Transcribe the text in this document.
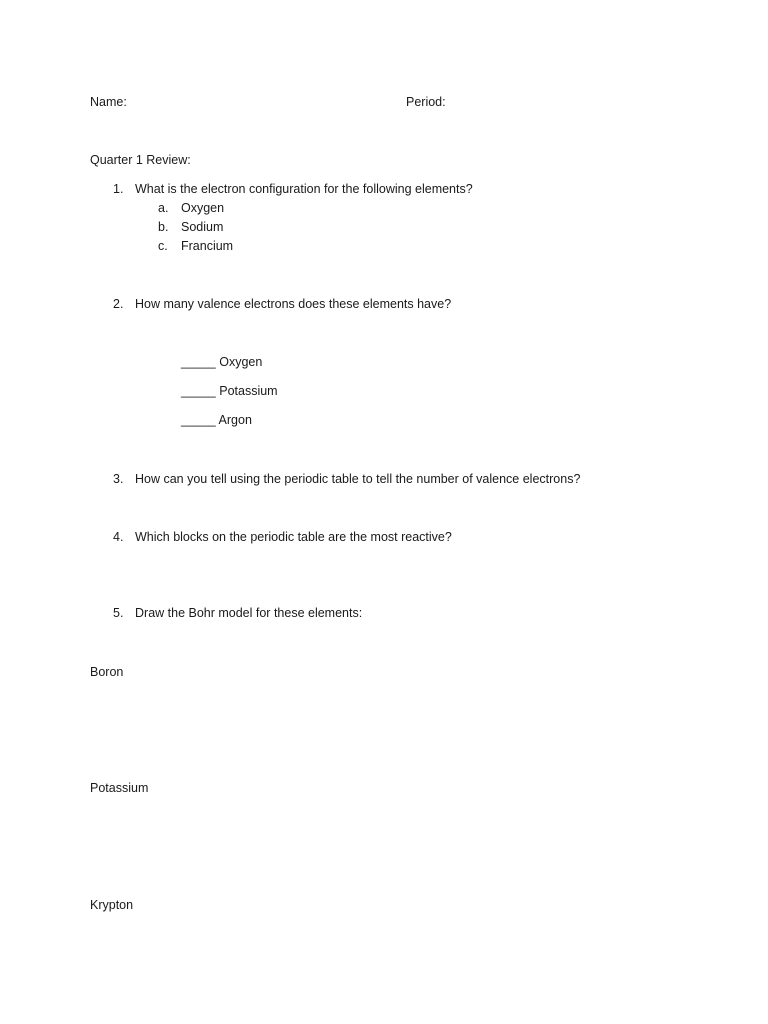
Name:	Period:
Quarter 1 Review:
1. What is the electron configuration for the following elements?
a. Oxygen
b. Sodium
c. Francium
2. How many valence electrons does these elements have?
_____ Oxygen
_____ Potassium
_____ Argon
3. How can you tell using the periodic table to tell the number of valence electrons?
4. Which blocks on the periodic table are the most reactive?
5. Draw the Bohr model for these elements:
Boron
Potassium
Krypton
